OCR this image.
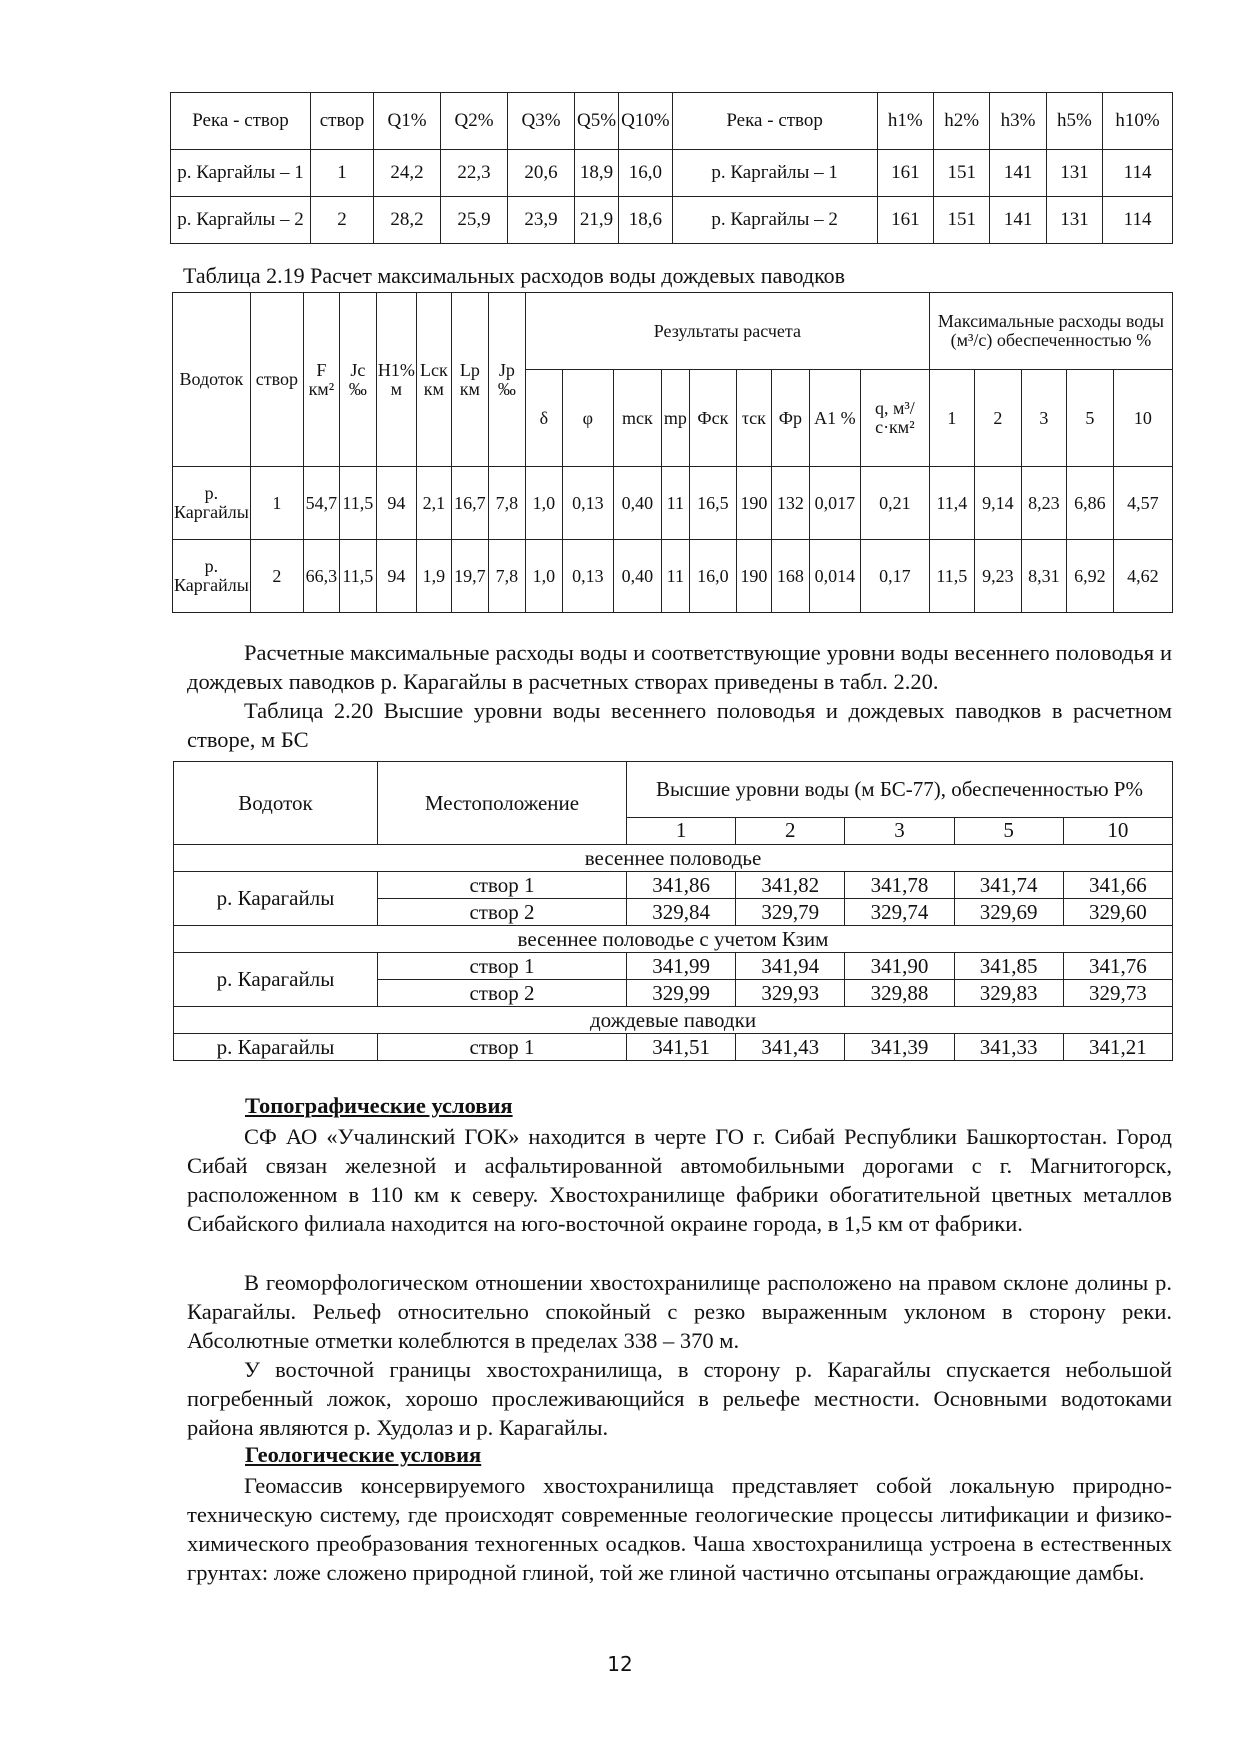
Река - створ	створ	Q1%	Q2%	Q3%	Q5%	Q10%	Река - створ	h1%	h2%	h3%	h5%	h10%
р. Каргайлы – 1	1	24,2	22,3	20,6	18,9	16,0	р. Каргайлы – 1	161	151	141	131	114
р. Каргайлы – 2	2	28,2	25,9	23,9	21,9	18,6	р. Каргайлы – 2	161	151	141	131	114
Таблица 2.19 Расчет максимальных расходов воды дождевых паводков
Водоток	створ	F км²	Jc ‰	H1% м	Lск км	Lp км	Jр ‰	Результаты расчета									Максимальные расходы воды (м³/с) обеспеченностью %				
								δ	φ	mск	mр	Фск	τск	Фр	A1 %	q, м³/с·км²	1	2	3	5	10
р. Каргайлы	1	54,7	11,5	94	2,1	16,7	7,8	1,0	0,13	0,40	11	16,5	190	132	0,017	0,21	11,4	9,14	8,23	6,86	4,57
р. Каргайлы	2	66,3	11,5	94	1,9	19,7	7,8	1,0	0,13	0,40	11	16,0	190	168	0,014	0,17	11,5	9,23	8,31	6,92	4,62
Расчетные максимальные расходы воды и соответствующие уровни воды весеннего половодья и дождевых паводков р. Карагайлы в расчетных створах приведены в табл. 2.20.
Таблица 2.20 Высшие уровни воды весеннего половодья и дождевых паводков в расчетном створе, м БС
Водоток	Местоположение	Высшие уровни воды (м БС-77), обеспеченностью P%				
		1	2	3	5	10
весеннее половодье						
р. Карагайлы	створ 1	341,86	341,82	341,78	341,74	341,66
	створ 2	329,84	329,79	329,74	329,69	329,60
весеннее половодье с учетом Кзим						
р. Карагайлы	створ 1	341,99	341,94	341,90	341,85	341,76
	створ 2	329,99	329,93	329,88	329,83	329,73
дождевые паводки						
р. Карагайлы	створ 1	341,51	341,43	341,39	341,33	341,21
Топографические условия
СФ АО «Учалинский ГОК» находится в черте ГО г. Сибай Республики Башкортостан. Город Сибай связан железной и асфальтированной автомобильными дорогами с г. Магнитогорск, расположенном в 110 км к северу. Хвостохранилище фабрики обогатительной цветных металлов Сибайского филиала находится на юго-восточной окраине города, в 1,5 км от фабрики.
В геоморфологическом отношении хвостохранилище расположено на правом склоне долины р. Карагайлы. Рельеф относительно спокойный с резко выраженным уклоном в сторону реки. Абсолютные отметки колеблются в пределах 338 – 370 м.
У восточной границы хвостохранилища, в сторону р. Карагайлы спускается небольшой погребенный ложок, хорошо прослеживающийся в рельефе местности. Основными водотоками района являются р. Худолаз и р. Карагайлы.
Геологические условия
Геомассив консервируемого хвостохранилища представляет собой локальную природно-техническую систему, где происходят современные геологические процессы литификации и физико-химического преобразования техногенных осадков. Чаша хвостохранилища устроена в естественных грунтах: ложе сложено природной глиной, той же глиной частично отсыпаны ограждающие дамбы.
12
